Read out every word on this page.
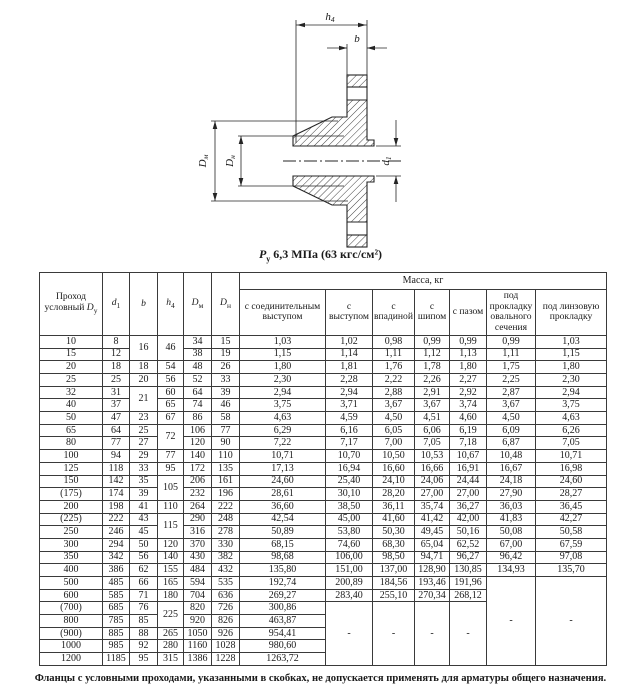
h4
b
Dм
Dн
d1
$P_у$ 6,3 МПа (63 кгс/см²)
Проход
условный $D_у$	$d_1$	b	$h_4$	$D_м$	$D_н$	Масса, кг						
						с соединительным выступом	с выступом	с впадиной	с шипом	с пазом	под прокладку овального сечения	под линзовую прокладку
10	8	16	46	34	15	1,03	1,02	0,98	0,99	0,99	0,99	1,03
15	12			38	19	1,15	1,14	1,11	1,12	1,13	1,11	1,15
20	18	18	54	48	26	1,80	1,81	1,76	1,78	1,80	1,75	1,80
25	25	20	56	52	33	2,30	2,28	2,22	2,26	2,27	2,25	2,30
32	31	21	60	64	39	2,94	2,94	2,88	2,91	2,92	2,87	2,94
40	37		65	74	46	3,75	3,71	3,67	3,67	3,74	3,67	3,75
50	47	23	67	86	58	4,63	4,59	4,50	4,51	4,60	4,50	4,63
65	64	25	72	106	77	6,29	6,16	6,05	6,06	6,19	6,09	6,26
80	77	27		120	90	7,22	7,17	7,00	7,05	7,18	6,87	7,05
100	94	29	77	140	110	10,71	10,70	10,50	10,53	10,67	10,48	10,71
125	118	33	95	172	135	17,13	16,94	16,60	16,66	16,91	16,67	16,98
150	142	35	105	206	161	24,60	25,40	24,10	24,06	24,44	24,18	24,60
(175)	174	39		232	196	28,61	30,10	28,20	27,00	27,00	27,90	28,27
200	198	41	110	264	222	36,60	38,50	36,11	35,74	36,27	36,03	36,45
(225)	222	43	115	290	248	42,54	45,00	41,60	41,42	42,00	41,83	42,27
250	246	45		316	278	50,89	53,80	50,30	49,45	50,16	50,08	50,58
300	294	50	120	370	330	68,15	74,60	68,30	65,04	62,52	67,00	67,59
350	342	56	140	430	382	98,68	106,00	98,50	94,71	96,27	96,42	97,08
400	386	62	155	484	432	135,80	151,00	137,00	128,90	130,85	134,93	135,70
500	485	66	165	594	535	192,74	200,89	184,56	193,46	191,96	-	-
600	585	71	180	704	636	269,27	283,40	255,10	270,34	268,12		
(700)	685	76	225	820	726	300,86	-	-	-	-		
800	785	85		920	826	463,87						
(900)	885	88	265	1050	926	954,41						
1000	985	92	280	1160	1028	980,60						
1200	1185	95	315	1386	1228	1263,72						
Фланцы с условными проходами, указанными в скобках, не допускается применять для арматуры общего назначения.
